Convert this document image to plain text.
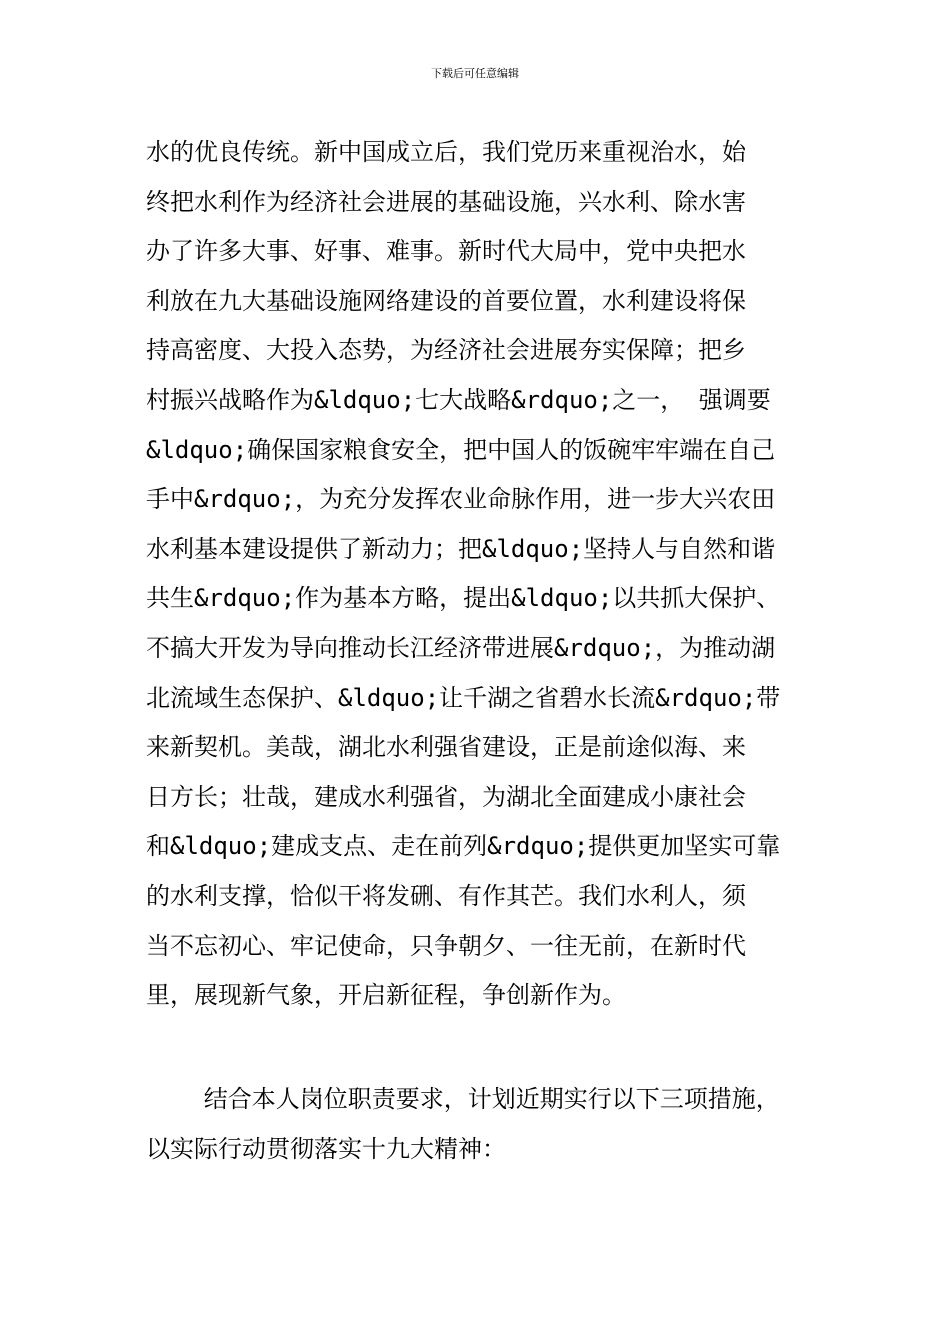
下载后可任意编辑
水的优良传统。新中国成立后，我们党历来重视治水，始
终把水利作为经济社会进展的基础设施，兴水利、除水害
办了许多大事、好事、难事。新时代大局中，党中央把水
利放在九大基础设施网络建设的首要位置，水利建设将保
持高密度、大投入态势，为经济社会进展夯实保障；把乡
村振兴战略作为&ldquo;七大战略&rdquo;之一， 强调要
&ldquo;确保国家粮食安全，把中国人的饭碗牢牢端在自己
手中&rdquo;，为充分发挥农业命脉作用，进一步大兴农田
水利基本建设提供了新动力；把&ldquo;坚持人与自然和谐
共生&rdquo;作为基本方略，提出&ldquo;以共抓大保护、
不搞大开发为导向推动长江经济带进展&rdquo;，为推动湖
北流域生态保护、&ldquo;让千湖之省碧水长流&rdquo;带
来新契机。美哉，湖北水利强省建设，正是前途似海、来
日方长；壮哉，建成水利强省，为湖北全面建成小康社会
和&ldquo;建成支点、走在前列&rdquo;提供更加坚实可靠
的水利支撑，恰似干将发硎、有作其芒。我们水利人，须
当不忘初心、牢记使命，只争朝夕、一往无前，在新时代
里，展现新气象，开启新征程，争创新作为。
结合本人岗位职责要求，计划近期实行以下三项措施，
以实际行动贯彻落实十九大精神：
